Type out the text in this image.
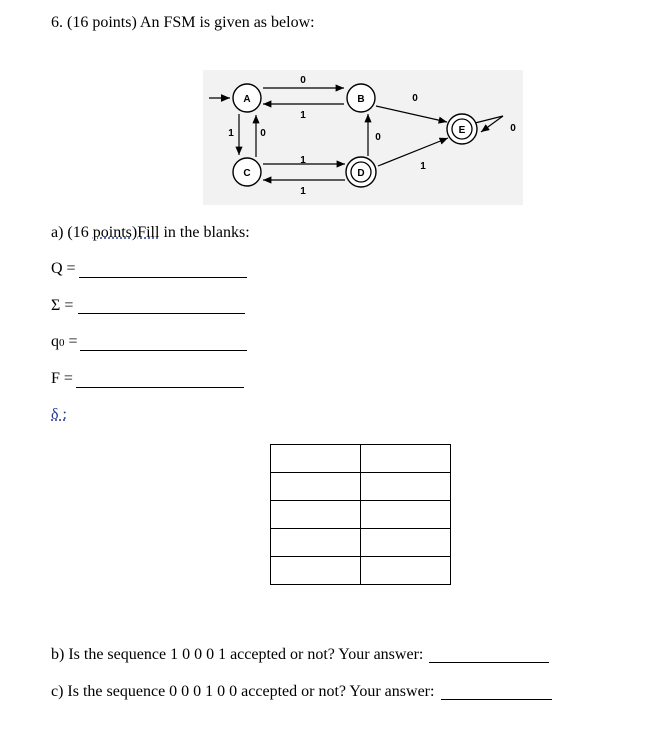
6. (16 points) An FSM is given as below:
A	B
C	D
E
0
1
1	0
1
1
0
0
1
0
a) (16 points)Fill in the blanks:
Q =
Σ =
q0 =
F =
δ :

b) Is the sequence 1 0 0 0 1 accepted or not? Your answer:
c) Is the sequence 0 0 0 1 0 0 accepted or not? Your answer:
